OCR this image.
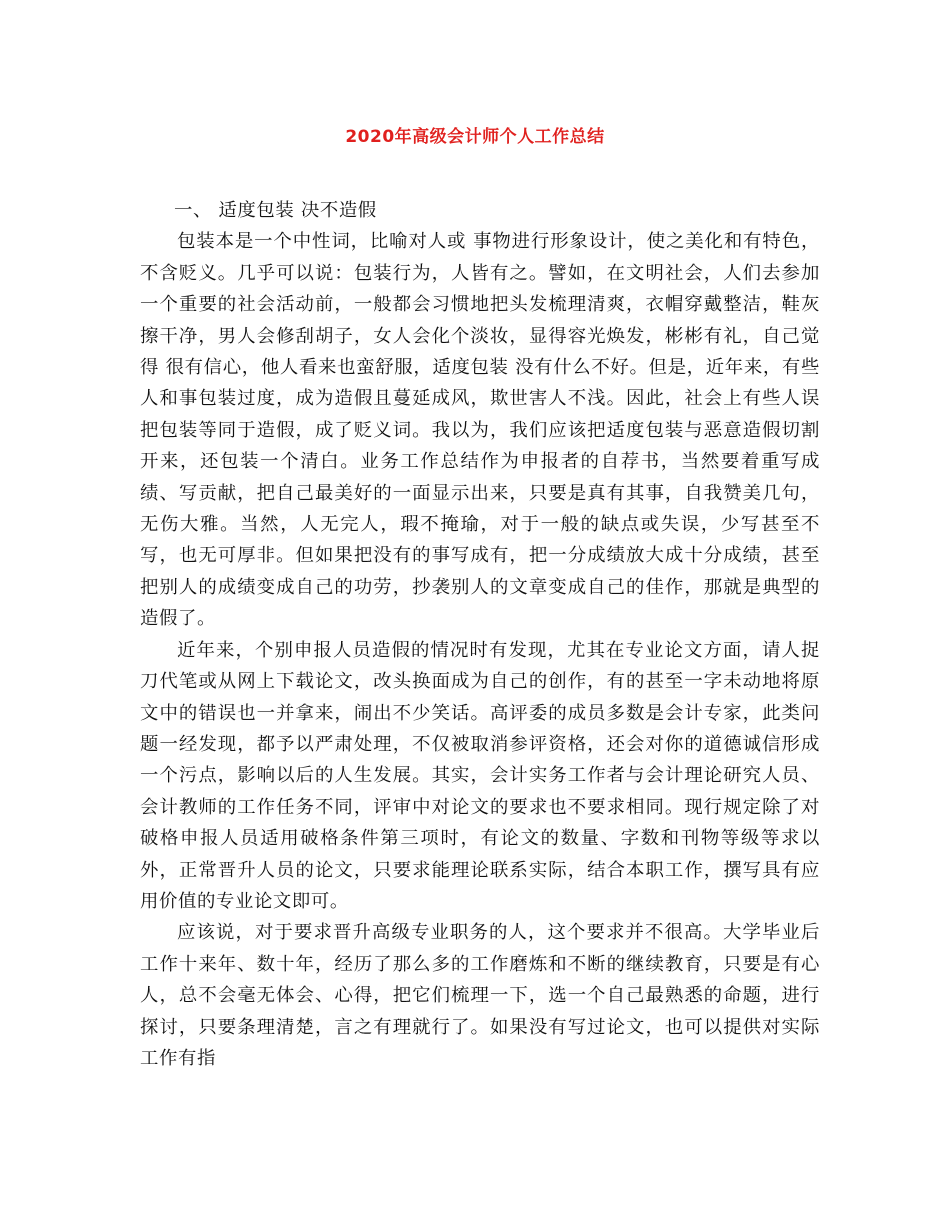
2020年高级会计师个人工作总结

一、 适度包装 决不造假

包装本是一个中性词，比喻对人或 事物进行形象设计，使之美化和有特色，不含贬义。几乎可以说：包装行为，人皆有之。譬如，在文明社会，人们去参加一个重要的社会活动前，一般都会习惯地把头发梳理清爽，衣帽穿戴整洁，鞋灰擦干净，男人会修刮胡子，女人会化个淡妆，显得容光焕发，彬彬有礼，自己觉得 很有信心，他人看来也蛮舒服，适度包装 没有什么不好。但是，近年来，有些人和事包装过度，成为造假且蔓延成风，欺世害人不浅。因此，社会上有些人误把包装等同于造假，成了贬义词。我以为，我们应该把适度包装与恶意造假切割开来，还包装一个清白。业务工作总结作为申报者的自荐书，当然要着重写成绩、写贡献，把自己最美好的一面显示出来，只要是真有其事，自我赞美几句，无伤大雅。当然，人无完人，瑕不掩瑜，对于一般的缺点或失误，少写甚至不写，也无可厚非。但如果把没有的事写成有，把一分成绩放大成十分成绩，甚至把别人的成绩变成自己的功劳，抄袭别人的文章变成自己的佳作，那就是典型的造假了。

近年来，个别申报人员造假的情况时有发现，尤其在专业论文方面，请人捉刀代笔或从网上下载论文，改头换面成为自己的创作，有的甚至一字未动地将原文中的错误也一并拿来，闹出不少笑话。高评委的成员多数是会计专家，此类问题一经发现，都予以严肃处理，不仅被取消参评资格，还会对你的道德诚信形成一个污点，影响以后的人生发展。其实，会计实务工作者与会计理论研究人员、会计教师的工作任务不同，评审中对论文的要求也不要求相同。现行规定除了对破格申报人员适用破格条件第三项时，有论文的数量、字数和刊物等级等求以外，正常晋升人员的论文，只要求能理论联系实际，结合本职工作，撰写具有应用价值的专业论文即可。

应该说，对于要求晋升高级专业职务的人，这个要求并不很高。大学毕业后工作十来年、数十年，经历了那么多的工作磨炼和不断的继续教育，只要是有心人，总不会毫无体会、心得，把它们梳理一下，选一个自己最熟悉的命题，进行探讨，只要条理清楚，言之有理就行了。如果没有写过论文，也可以提供对实际工作有指
